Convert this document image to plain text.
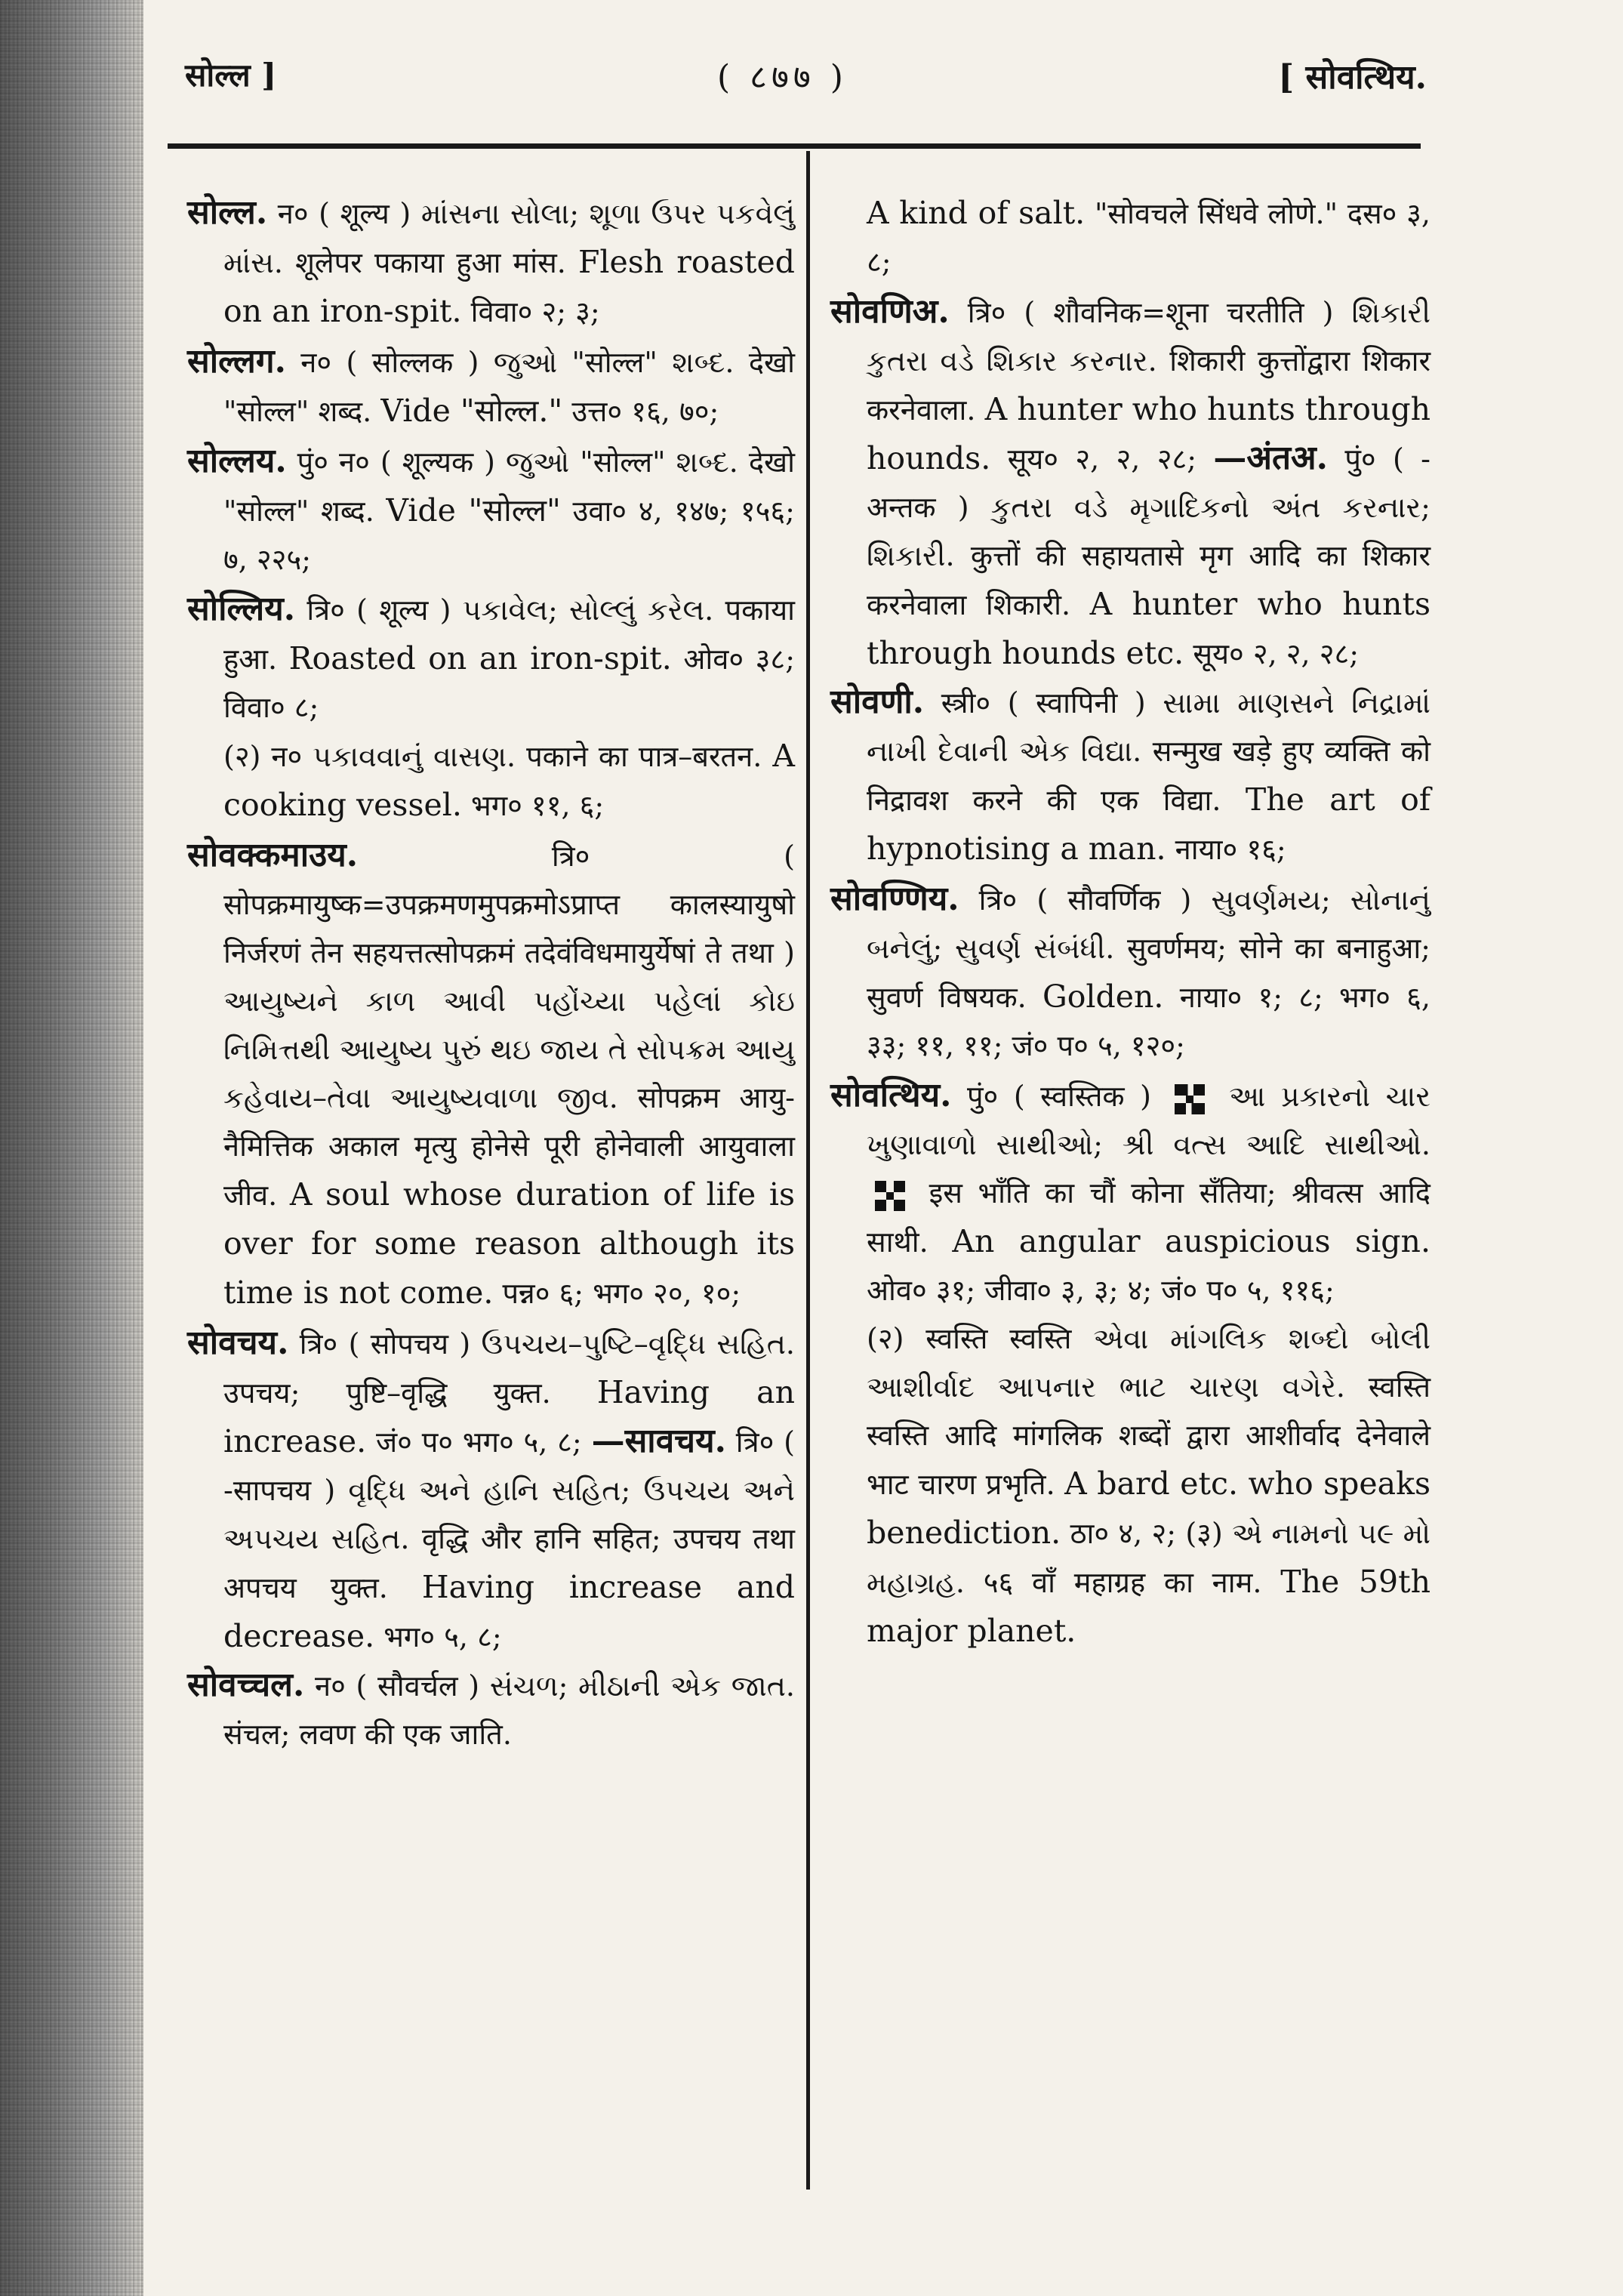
सोल्ल ]	( ८७७ )	[ सोवत्थिय.

सोल्ल. न० ( शूल्य ) માંસના સોલા; શૂળા ઉપર પકવેલું માંસ. शूलेपर पकाया हुआ मांस. Flesh roasted on an iron-spit. विवा० २; ३;

सोल्लग. न० ( सोल्लक ) જુઓ "सोल्ल" શબ્દ. देखो "सोल्ल" शब्द. Vide "सोल्ल." उत्त० १६, ७०;

सोल्लय. पुं० न० ( शूल्यक ) જુઓ "सोल्ल" શબ્દ. देखो "सोल्ल" शब्द. Vide "सोल्ल" उवा० ४, १४७; १५६; ७, २२५;

सोल्लिय. त्रि० ( शूल्य ) પકાવેલ; સોલ્લું કરેલ. पकाया हुआ. Roasted on an iron-spit. ओव० ३८; विवा० ८;

(२) न० પકાવવાનું વાસણ. पकाने का पात्र–बरतन. A cooking vessel. भग० ११, ६;

सोवक्कमाउय.	त्रि० ( सोपक्रमायुष्क=उपक्रमणमुपक्रमोऽप्राप्त कालस्यायुषो निर्जरणं तेन सहयत्तत्सोपक्रमं तदेवंविधमायुर्येषां ते तथा ) આયુષ્યને કાળ આવી પહોંચ્યા પહેલાં કોઇ નિમિત્તથી આયુષ્ય પુરું થઇ જાય તે સોપક્રમ આયુ કહેવાય–તેવા આયુષ્યવાળા જીવ. सोपक्रम आयु-नैमित्तिक अकाल मृत्यु होनेसे पूरी होनेवाली आयुवाला जीव. A soul whose duration of life is over for some reason although its time is not come. पन्न० ६; भग० २०, १०;

सोवचय. त्रि० ( सोपचय ) ઉપચય–પુષ્ટિ–વૃદ્ધિ સહિત. उपचय; पुष्टि–वृद्धि युक्त. Having an increase. जं० प० भग० ५, ८; —सावचय. त्रि० ( -सापचय ) વૃદ્ધિ અને હાનિ સહિત; ઉપચય અને અપચય સહિત. वृद्धि और हानि सहित; उपचय तथा अपचय युक्त. Having increase and decrease. भग० ५, ८;

सोवच्चल. न० ( सौवर्चल ) સંચળ; મીઠાની એક જાત. संचल; लवण की एक जाति.

A kind of salt. "सोवचले सिंधवे लोणे." दस० ३, ८;

सोवणिअ. त्रि० ( शौवनिक=शूना चरतीति ) શિકારી કુતરા વડે શિકાર કરનાર. शिकारी कुत्तोंद्वारा शिकार करनेवाला. A hunter who hunts through hounds. सूय० २, २, २८; —अंतअ. पुं० ( -अन्तक ) કુતરા વડે મૃગાદિકનો અંત કરનાર; શિકારી. कुत्तों की सहायतासे मृग आदि का शिकार करनेवाला शिकारी. A hunter who hunts through hounds etc. सूय० २, २, २८;

सोवणी. स्त्री० ( स्वापिनी ) સામા માણસને નિદ્રામાં નાખી દેવાની એક વિદ્યા. सन्मुख खड़े हुए व्यक्ति को निद्रावश करने की एक विद्या. The art of hypnotising a man. नाया० १६;

सोवण्णिय. त्रि० ( सौवर्णिक ) સુવર્ણમય; સોનાનું બનેલું; સુવર્ણ સંબંધી. सुवर्णमय; सोने का बनाहुआ; सुवर्ण विषयक. Golden. नाया० १; ८; भग० ६, ३३; ११, ११; जं० प० ५, १२०;

सोवत्थिय. पुं० ( स्वस्तिक )	આ પ્રકારનો ચાર ખુણાવાળો સાથીઓ; શ્રી વત્સ આદિ સાથીઓ.
इस भाँति का चौं कोना सँतिया; श्रीवत्स आदि साथी. An angular auspicious sign. ओव० ३१; जीवा० ३, ३; ४; जं० प० ५, ११६;

(२) स्वस्ति स्वस्ति એવા માંગલિક શબ્દો બોલી આશીર્વાદ આપનાર ભાટ ચારણ વગેરે. स्वस्ति स्वस्ति आदि मांगलिक शब्दों द्वारा आशीर्वाद देनेवाले भाट चारण प्रभृति. A bard etc. who speaks benediction. ठा० ४, २; (३) એ નામનો ૫૯ મો મહાગ્રહ. ५६ वाँ महाग्रह का नाम. The 59th major planet.
